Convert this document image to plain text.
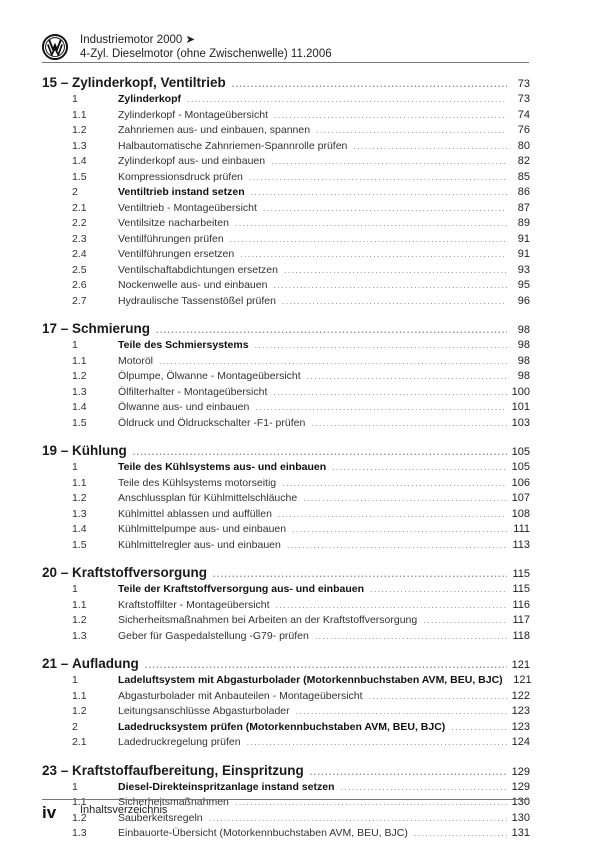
Industriemotor 2000 ➤
4-Zyl. Dieselmotor (ohne Zwischenwelle) 11.2006
15 – Zylinderkopf, Ventiltrieb .....	73
1	Zylinderkopf .....	73
1.1	Zylinderkopf - Montageübersicht .....	74
1.2	Zahnriemen aus- und einbauen, spannen .....	76
1.3	Halbautomatische Zahnriemen-Spannrolle prüfen .....	80
1.4	Zylinderkopf aus- und einbauen .....	82
1.5	Kompressionsdruck prüfen .....	85
2	Ventiltrieb instand setzen .....	86
2.1	Ventiltrieb - Montageübersicht .....	87
2.2	Ventilsitze nacharbeiten .....	89
2.3	Ventilführungen prüfen .....	91
2.4	Ventilführungen ersetzen .....	91
2.5	Ventilschaftabdichtungen ersetzen .....	93
2.6	Nockenwelle aus- und einbauen .....	95
2.7	Hydraulische Tassenstößel prüfen .....	96
17 – Schmierung .....	98
1	Teile des Schmiersystems .....	98
1.1	Motoröl .....	98
1.2	Ölpumpe, Ölwanne - Montageübersicht .....	98
1.3	Ölfilterhalter - Montageübersicht .....	100
1.4	Ölwanne aus- und einbauen .....	101
1.5	Öldruck und Öldruckschalter -F1- prüfen .....	103
19 – Kühlung .....	105
1	Teile des Kühlsystems aus- und einbauen .....	105
1.1	Teile des Kühlsystems motorseitig .....	106
1.2	Anschlussplan für Kühlmittelschläuche .....	107
1.3	Kühlmittel ablassen und auffüllen .....	108
1.4	Kühlmittelpumpe aus- und einbauen .....	111
1.5	Kühlmittelregler aus- und einbauen .....	113
20 – Kraftstoffversorgung .....	115
1	Teile der Kraftstoffversorgung aus- und einbauen .....	115
1.1	Kraftstoffilter - Montageübersicht .....	116
1.2	Sicherheitsmaßnahmen bei Arbeiten an der Kraftstoffversorgung .....	117
1.3	Geber für Gaspedalstellung -G79- prüfen .....	118
21 – Aufladung .....	121
1	Ladeluftsystem mit Abgasturbolader (Motorkennbuchstaben AVM, BEU, BJC) 121
1.1	Abgasturbolader mit Anbauteilen - Montageübersicht .....	122
1.2	Leitungsanschlüsse Abgasturbolader .....	123
2	Ladedrucksystem prüfen (Motorkennbuchstaben AVM, BEU, BJC) .....	123
2.1	Ladedruckregelung prüfen .....	124
23 – Kraftstoffaufbereitung, Einspritzung .....	129
1	Diesel-Direkteinspritzanlage instand setzen .....	129
1.1	Sicherheitsmaßnahmen .....	130
1.2	Sauberkeitsregeln .....	130
1.3	Einbauorte-Übersicht (Motorkennbuchstaben AVM, BEU, BJC) .....	131
iv Inhaltsverzeichnis
